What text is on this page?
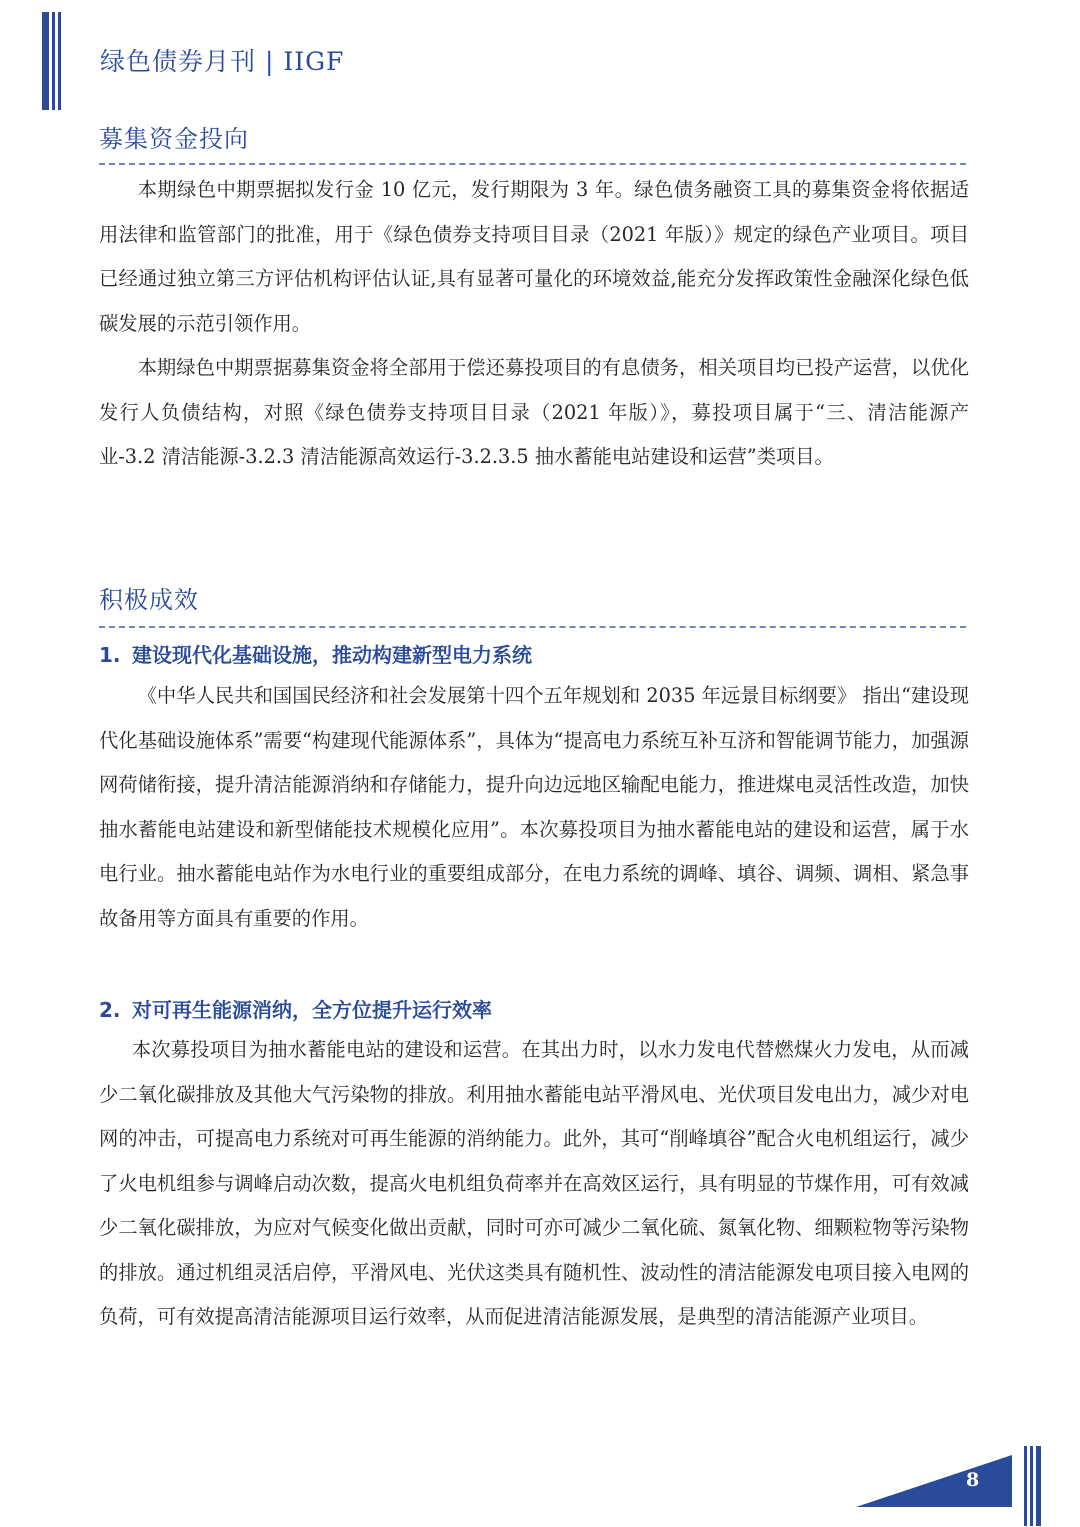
绿色债券月刊 | IIGF
募集资金投向

本期绿色中期票据拟发行金 10 亿元，发行期限为 3 年。绿色债务融资工具的募集资金将依据适用法律和监管部门的批准，用于《绿色债券支持项目目录（2021 年版）》规定的绿色产业项目。项目已经通过独立第三方评估机构评估认证,具有显著可量化的环境效益,能充分发挥政策性金融深化绿色低碳发展的示范引领作用。

本期绿色中期票据募集资金将全部用于偿还募投项目的有息债务，相关项目均已投产运营，以优化发行人负债结构，对照《绿色债券支持项目目录（2021 年版）》，募投项目属于“三、清洁能源产业-3.2 清洁能源-3.2.3 清洁能源高效运行-3.2.3.5 抽水蓄能电站建设和运营”类项目。

积极成效
1. 建设现代化基础设施，推动构建新型电力系统

《中华人民共和国国民经济和社会发展第十四个五年规划和 2035 年远景目标纲要》 指出“建设现代化基础设施体系”需要“构建现代能源体系”，具体为“提高电力系统互补互济和智能调节能力，加强源网荷储衔接，提升清洁能源消纳和存储能力，提升向边远地区输配电能力，推进煤电灵活性改造，加快抽水蓄能电站建设和新型储能技术规模化应用”。本次募投项目为抽水蓄能电站的建设和运营，属于水电行业。抽水蓄能电站作为水电行业的重要组成部分，在电力系统的调峰、填谷、调频、调相、紧急事故备用等方面具有重要的作用。

2. 对可再生能源消纳，全方位提升运行效率

本次募投项目为抽水蓄能电站的建设和运营。在其出力时，以水力发电代替燃煤火力发电，从而减少二氧化碳排放及其他大气污染物的排放。利用抽水蓄能电站平滑风电、光伏项目发电出力，减少对电网的冲击，可提高电力系统对可再生能源的消纳能力。此外，其可“削峰填谷”配合火电机组运行，减少了火电机组参与调峰启动次数，提高火电机组负荷率并在高效区运行，具有明显的节煤作用，可有效减少二氧化碳排放，为应对气候变化做出贡献，同时可亦可减少二氧化硫、氮氧化物、细颗粒物等污染物的排放。通过机组灵活启停，平滑风电、光伏这类具有随机性、波动性的清洁能源发电项目接入电网的负荷，可有效提高清洁能源项目运行效率，从而促进清洁能源发展，是典型的清洁能源产业项目。

8
